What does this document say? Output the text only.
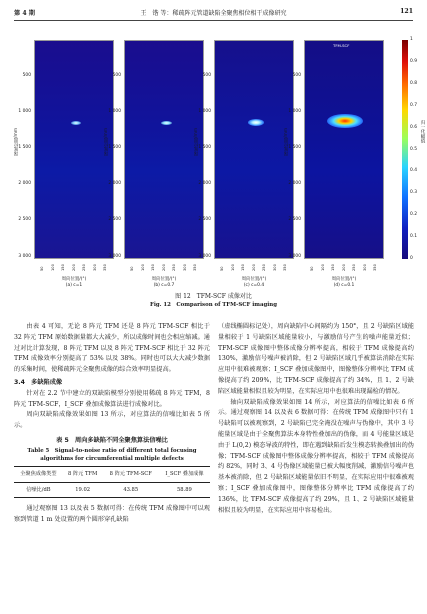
第 4 期	王　锴 等：稀疏阵元管道缺陷全聚焦相位相干成像研究	121
深度位置/mm
500
1 000
1 500
2 000
2 500
3 000
TFM-SCF
深度位置/mm	深度位置/mm	深度位置/mm
500
1 000
1 500
2 000
2 500
3 000
500
1 000
1 500
2 000
2 500
3 000
500
1 000
1 500
2 000
2 500
3 000
50 100 150 200 250 300 350	50 100 150 200 250 300 350	50 100 150 200 250 300 350	50 100 150 200 250 300 350
周向位置/(°)	周向位置/(°)	周向位置/(°)	周向位置/(°)
(a) c=1	(b) c=0.7	(c) c=0.4	(d) c=0.1
1
0.9
0.8
0.7
0.6
0.5
0.4
0.3
0.2
0.1
0
归一化幅值
图 12　TFM-SCF 成像对比
Fig. 12　Comparison of TFM-SCF imaging

由表 4 可知，无论 8 阵元 TFM 还是 8 阵元 TFM-SCF 相比于 32 阵元 TFM 原始数据量都大大减少，所以成像时间也会相应缩减。通过对比计算发现，8 阵元 TFM 以及 8 阵元 TFM-SCF 相比于 32 阵元 TFM 成像效率分别提高了 53% 以及 38%。同时也可以大大减少数据的采集时间，使稀疏阵元全聚焦成像的综合效率明显提高。

3.4　多缺陷成像

针对在 2.2 节中建立的双缺陷模型分别使用稀疏 8 阵元 TFM，8 阵元 TFM-SCF，I_SCF 叠加成像算法进行成像对比。

周向双缺陷成像效果如图 13 所示，对应算法的信噪比如表 5 所示。

表 5　周向多缺陷不同全聚焦算法信噪比
Table 5　Signal-to-noise ratio of different total focusing
algorithms for circumferential multiple defects
全聚焦成像类型	8 阵元 TFM	8 阵元 TFM-SCF	I_SCF 叠加成像
信噪比/dB	19.02	43.85	58.89

通过观察图 13 以及表 5 数据可得：在传统 TFM 成像图中可以观察到管道 1 m 处设置的两个圆形穿孔缺陷

（虚线椭圆标记处），周向缺陷中心间隔约为 150°，且 2 号缺陷区域能量相较于 1 号缺陷区域能量较小，与激励信号产生的噪声能量近似；TFM-SCF 成像图中整体成像分辨率提高，相较于 TFM 成像提高约 130%，激励信号噪声被消除，但 2 号缺陷区域几乎被算法消除在实际应用中很难被观察；I_SCF 叠加成像图中，图像整体分辨率比 TFM 成像提高了约 209%，比 TFM-SCF 成像提高了约 34%，且 1、2 号缺陷区域能量相似且较为明显，在实际应用中也很难出现漏检的情况。

轴向双缺陷成像效果如图 14 所示，对应算法的信噪比如表 6 所示。通过观察图 14 以及表 6 数据可得：在传统 TFM 成像图中只有 1 号缺陷可以被观察到，2 号缺陷已完全淹没在噪声与伪像中，其中 3 号能量区域是由于全聚焦算法本身特性叠加出的伪像，而 4 号能量区域是由于 L(0,2) 模态导波的特性，即在遇到缺陷后发生模态转换叠加出的伪像；TFM-SCF 成像图中整体成像分辨率提高，相较于 TFM 成像提高约 82%，同时 3、4 号伪像区域能量已被大幅度削减，激励信号噪声也基本被消除，但 2 号缺陷区域能量依旧不明显，在实际应用中很难被观察；I_SCF 叠加成像图中，图像整体分辨率比 TFM 成像提高了约 136%，比 TFM-SCF 成像提高了约 29%，且 1、2 号缺陷区域能量相似且较为明显，在实际应用中容易检出。
